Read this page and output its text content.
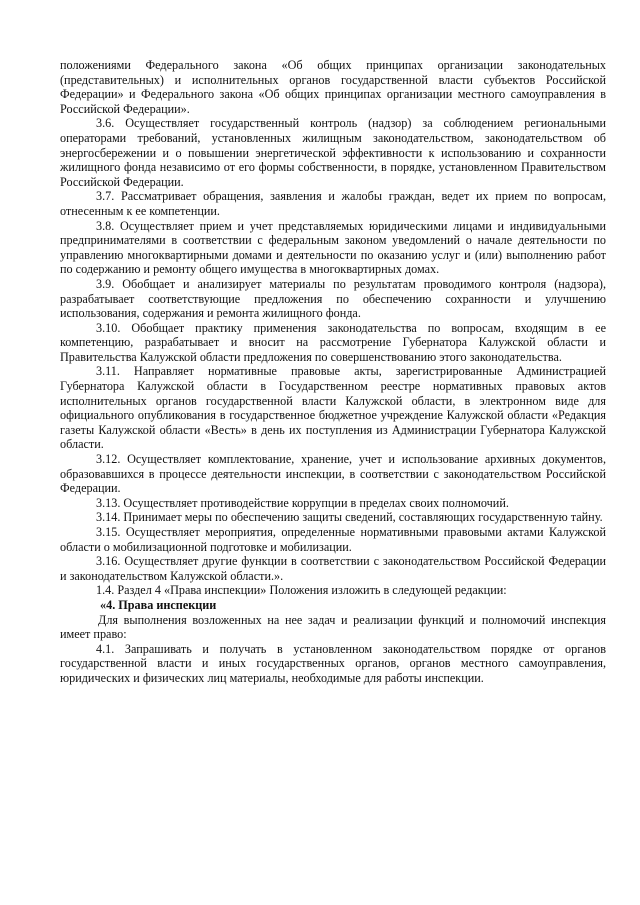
положениями Федерального закона «Об общих принципах организации законодательных (представительных) и исполнительных органов государственной власти субъектов Российской Федерации» и Федерального закона «Об общих принципах организации местного самоуправления в Российской Федерации».

3.6. Осуществляет государственный контроль (надзор) за соблюдением региональными операторами требований, установленных жилищным законодательством, законодательством об энергосбережении и о повышении энергетической эффективности к использованию и сохранности жилищного фонда независимо от его формы собственности, в порядке, установленном Правительством Российской Федерации.

3.7. Рассматривает обращения, заявления и жалобы граждан, ведет их прием по вопросам, отнесенным к ее компетенции.

3.8. Осуществляет прием и учет представляемых юридическими лицами и индивидуальными предпринимателями в соответствии с федеральным законом уведомлений о начале деятельности по управлению многоквартирными домами и деятельности по оказанию услуг и (или) выполнению работ по содержанию и ремонту общего имущества в многоквартирных домах.

3.9. Обобщает и анализирует материалы по результатам проводимого контроля (надзора), разрабатывает соответствующие предложения по обеспечению сохранности и улучшению использования, содержания и ремонта жилищного фонда.

3.10. Обобщает практику применения законодательства по вопросам, входящим в ее компетенцию, разрабатывает и вносит на рассмотрение Губернатора Калужской области и Правительства Калужской области предложения по совершенствованию этого законодательства.

3.11. Направляет нормативные правовые акты, зарегистрированные Администрацией Губернатора Калужской области в Государственном реестре нормативных правовых актов исполнительных органов государственной власти Калужской области, в электронном виде для официального опубликования в государственное бюджетное учреждение Калужской области «Редакция газеты Калужской области «Весть» в день их поступления из Администрации Губернатора Калужской области.

3.12. Осуществляет комплектование, хранение, учет и использование архивных документов, образовавшихся в процессе деятельности инспекции, в соответствии с законодательством Российской Федерации.

3.13. Осуществляет противодействие коррупции в пределах своих полномочий.

3.14. Принимает меры по обеспечению защиты сведений, составляющих государственную тайну.

3.15. Осуществляет мероприятия, определенные нормативными правовыми актами Калужской области о мобилизационной подготовке и мобилизации.

3.16. Осуществляет другие функции в соответствии с законодательством Российской Федерации и законодательством Калужской области.».

1.4. Раздел 4 «Права инспекции» Положения изложить в следующей редакции:

«4. Права инспекции

Для выполнения возложенных на нее задач и реализации функций и полномочий инспекция имеет право:

4.1. Запрашивать и получать в установленном законодательством порядке от органов государственной власти и иных государственных органов, органов местного самоуправления, юридических и физических лиц материалы, необходимые для работы инспекции.
